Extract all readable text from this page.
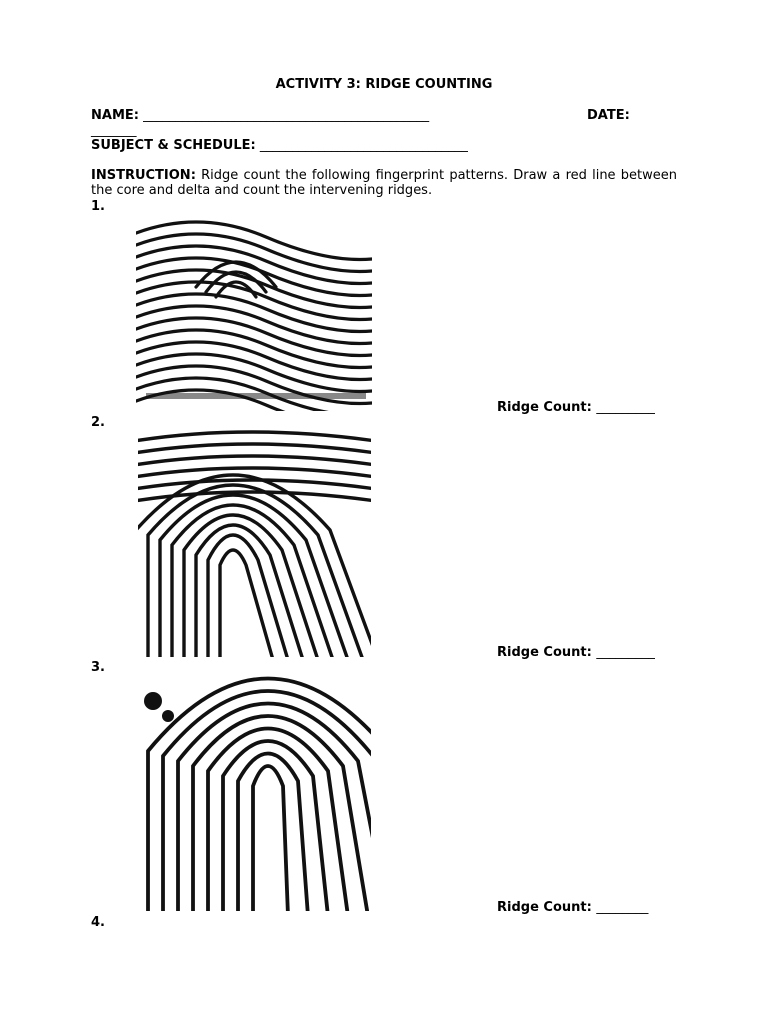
ACTIVITY 3: RIDGE COUNTING
NAME: ____________________________________________	DATE:
_______
SUBJECT & SCHEDULE: ________________________________
INSTRUCTION: Ridge count the following fingerprint patterns. Draw a red line between the core and delta and count the intervening ridges.
1.
Ridge Count: _________
2.
Ridge Count: _________
3.
Ridge Count: ________
4.
